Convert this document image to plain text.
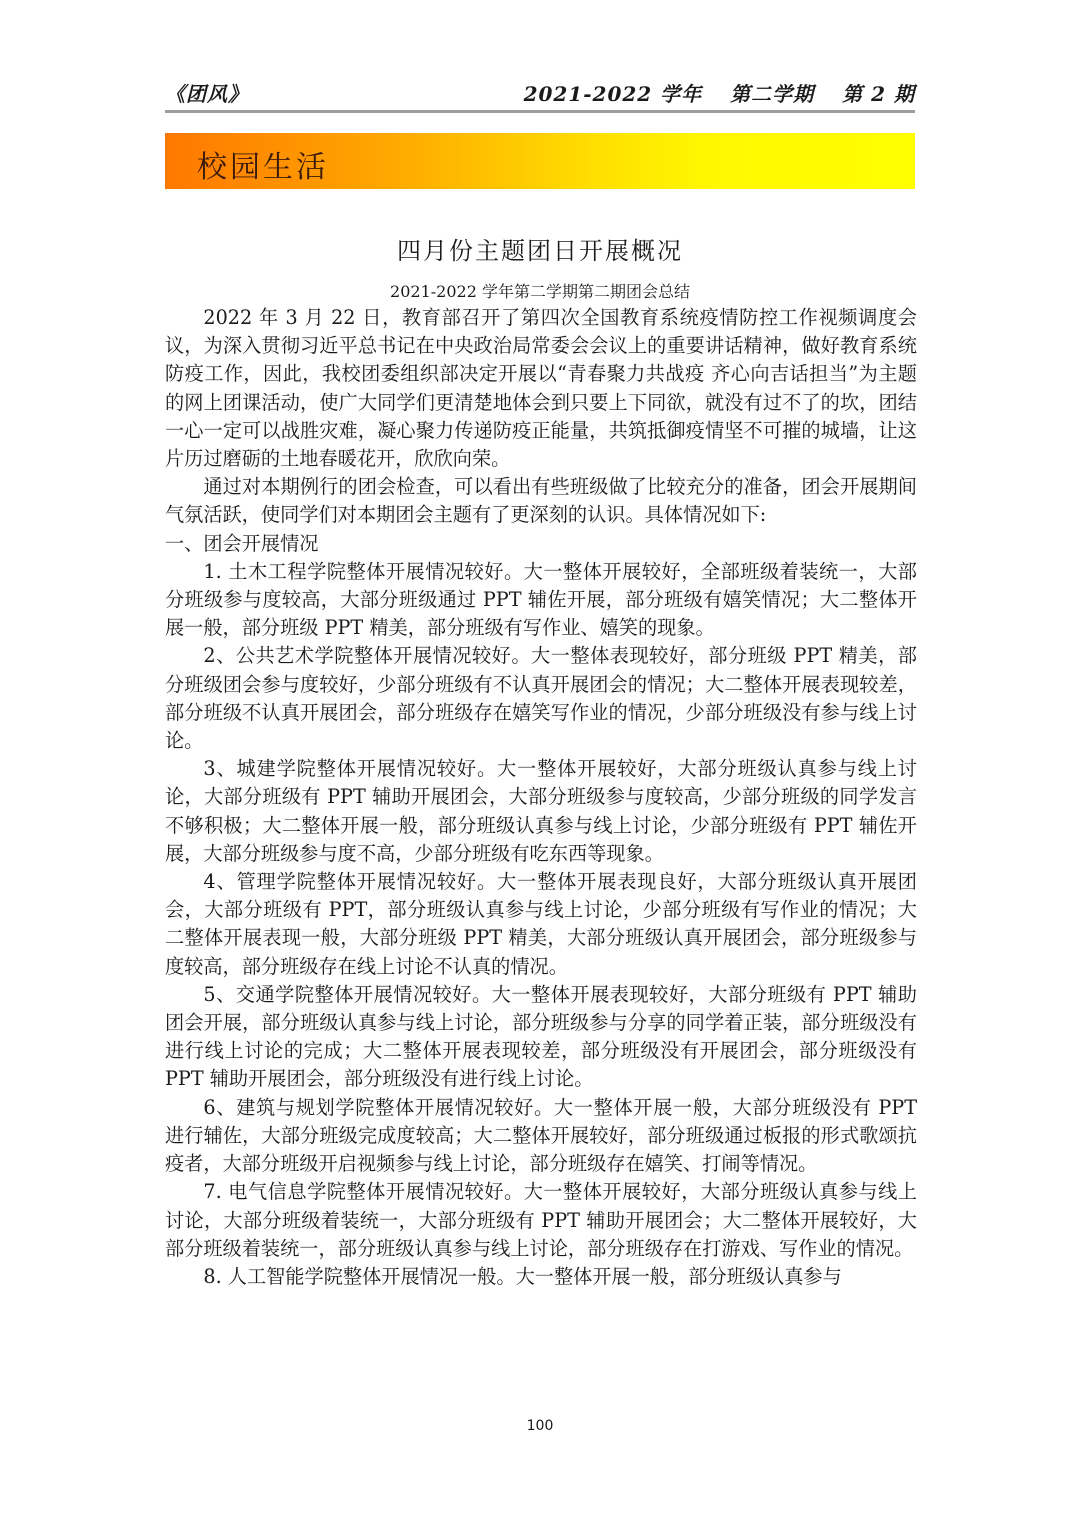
《团风》	2021-2022 学年 第二学期 第 2 期
校园生活
四月份主题团日开展概况
2021-2022 学年第二学期第二期团会总结

2022 年 3 月 22 日，教育部召开了第四次全国教育系统疫情防控工作视频调度会议，为深入贯彻习近平总书记在中央政治局常委会会议上的重要讲话精神，做好教育系统防疫工作，因此，我校团委组织部决定开展以“青春聚力共战疫 齐心向吉话担当”为主题的网上团课活动，使广大同学们更清楚地体会到只要上下同欲，就没有过不了的坎，团结一心一定可以战胜灾难，凝心聚力传递防疫正能量，共筑抵御疫情坚不可摧的城墙，让这片历过磨砺的土地春暖花开，欣欣向荣。

通过对本期例行的团会检查，可以看出有些班级做了比较充分的准备，团会开展期间气氛活跃，使同学们对本期团会主题有了更深刻的认识。具体情况如下:

一、团会开展情况

1. 土木工程学院整体开展情况较好。大一整体开展较好，全部班级着装统一，大部分班级参与度较高，大部分班级通过 PPT 辅佐开展，部分班级有嬉笑情况；大二整体开展一般，部分班级 PPT 精美，部分班级有写作业、嬉笑的现象。

2、公共艺术学院整体开展情况较好。大一整体表现较好，部分班级 PPT 精美，部分班级团会参与度较好，少部分班级有不认真开展团会的情况；大二整体开展表现较差，部分班级不认真开展团会，部分班级存在嬉笑写作业的情况，少部分班级没有参与线上讨论。

3、城建学院整体开展情况较好。大一整体开展较好，大部分班级认真参与线上讨论，大部分班级有 PPT 辅助开展团会，大部分班级参与度较高，少部分班级的同学发言不够积极；大二整体开展一般，部分班级认真参与线上讨论，少部分班级有 PPT 辅佐开展，大部分班级参与度不高，少部分班级有吃东西等现象。

4、管理学院整体开展情况较好。大一整体开展表现良好，大部分班级认真开展团会，大部分班级有 PPT，部分班级认真参与线上讨论，少部分班级有写作业的情况；大二整体开展表现一般，大部分班级 PPT 精美，大部分班级认真开展团会，部分班级参与度较高，部分班级存在线上讨论不认真的情况。

5、交通学院整体开展情况较好。大一整体开展表现较好，大部分班级有 PPT 辅助团会开展，部分班级认真参与线上讨论，部分班级参与分享的同学着正装，部分班级没有进行线上讨论的完成；大二整体开展表现较差，部分班级没有开展团会，部分班级没有 PPT 辅助开展团会，部分班级没有进行线上讨论。

6、建筑与规划学院整体开展情况较好。大一整体开展一般，大部分班级没有 PPT 进行辅佐，大部分班级完成度较高；大二整体开展较好，部分班级通过板报的形式歌颂抗疫者，大部分班级开启视频参与线上讨论，部分班级存在嬉笑、打闹等情况。

7. 电气信息学院整体开展情况较好。大一整体开展较好，大部分班级认真参与线上讨论，大部分班级着装统一，大部分班级有 PPT 辅助开展团会；大二整体开展较好，大部分班级着装统一，部分班级认真参与线上讨论，部分班级存在打游戏、写作业的情况。

8. 人工智能学院整体开展情况一般。大一整体开展一般，部分班级认真参与

100
